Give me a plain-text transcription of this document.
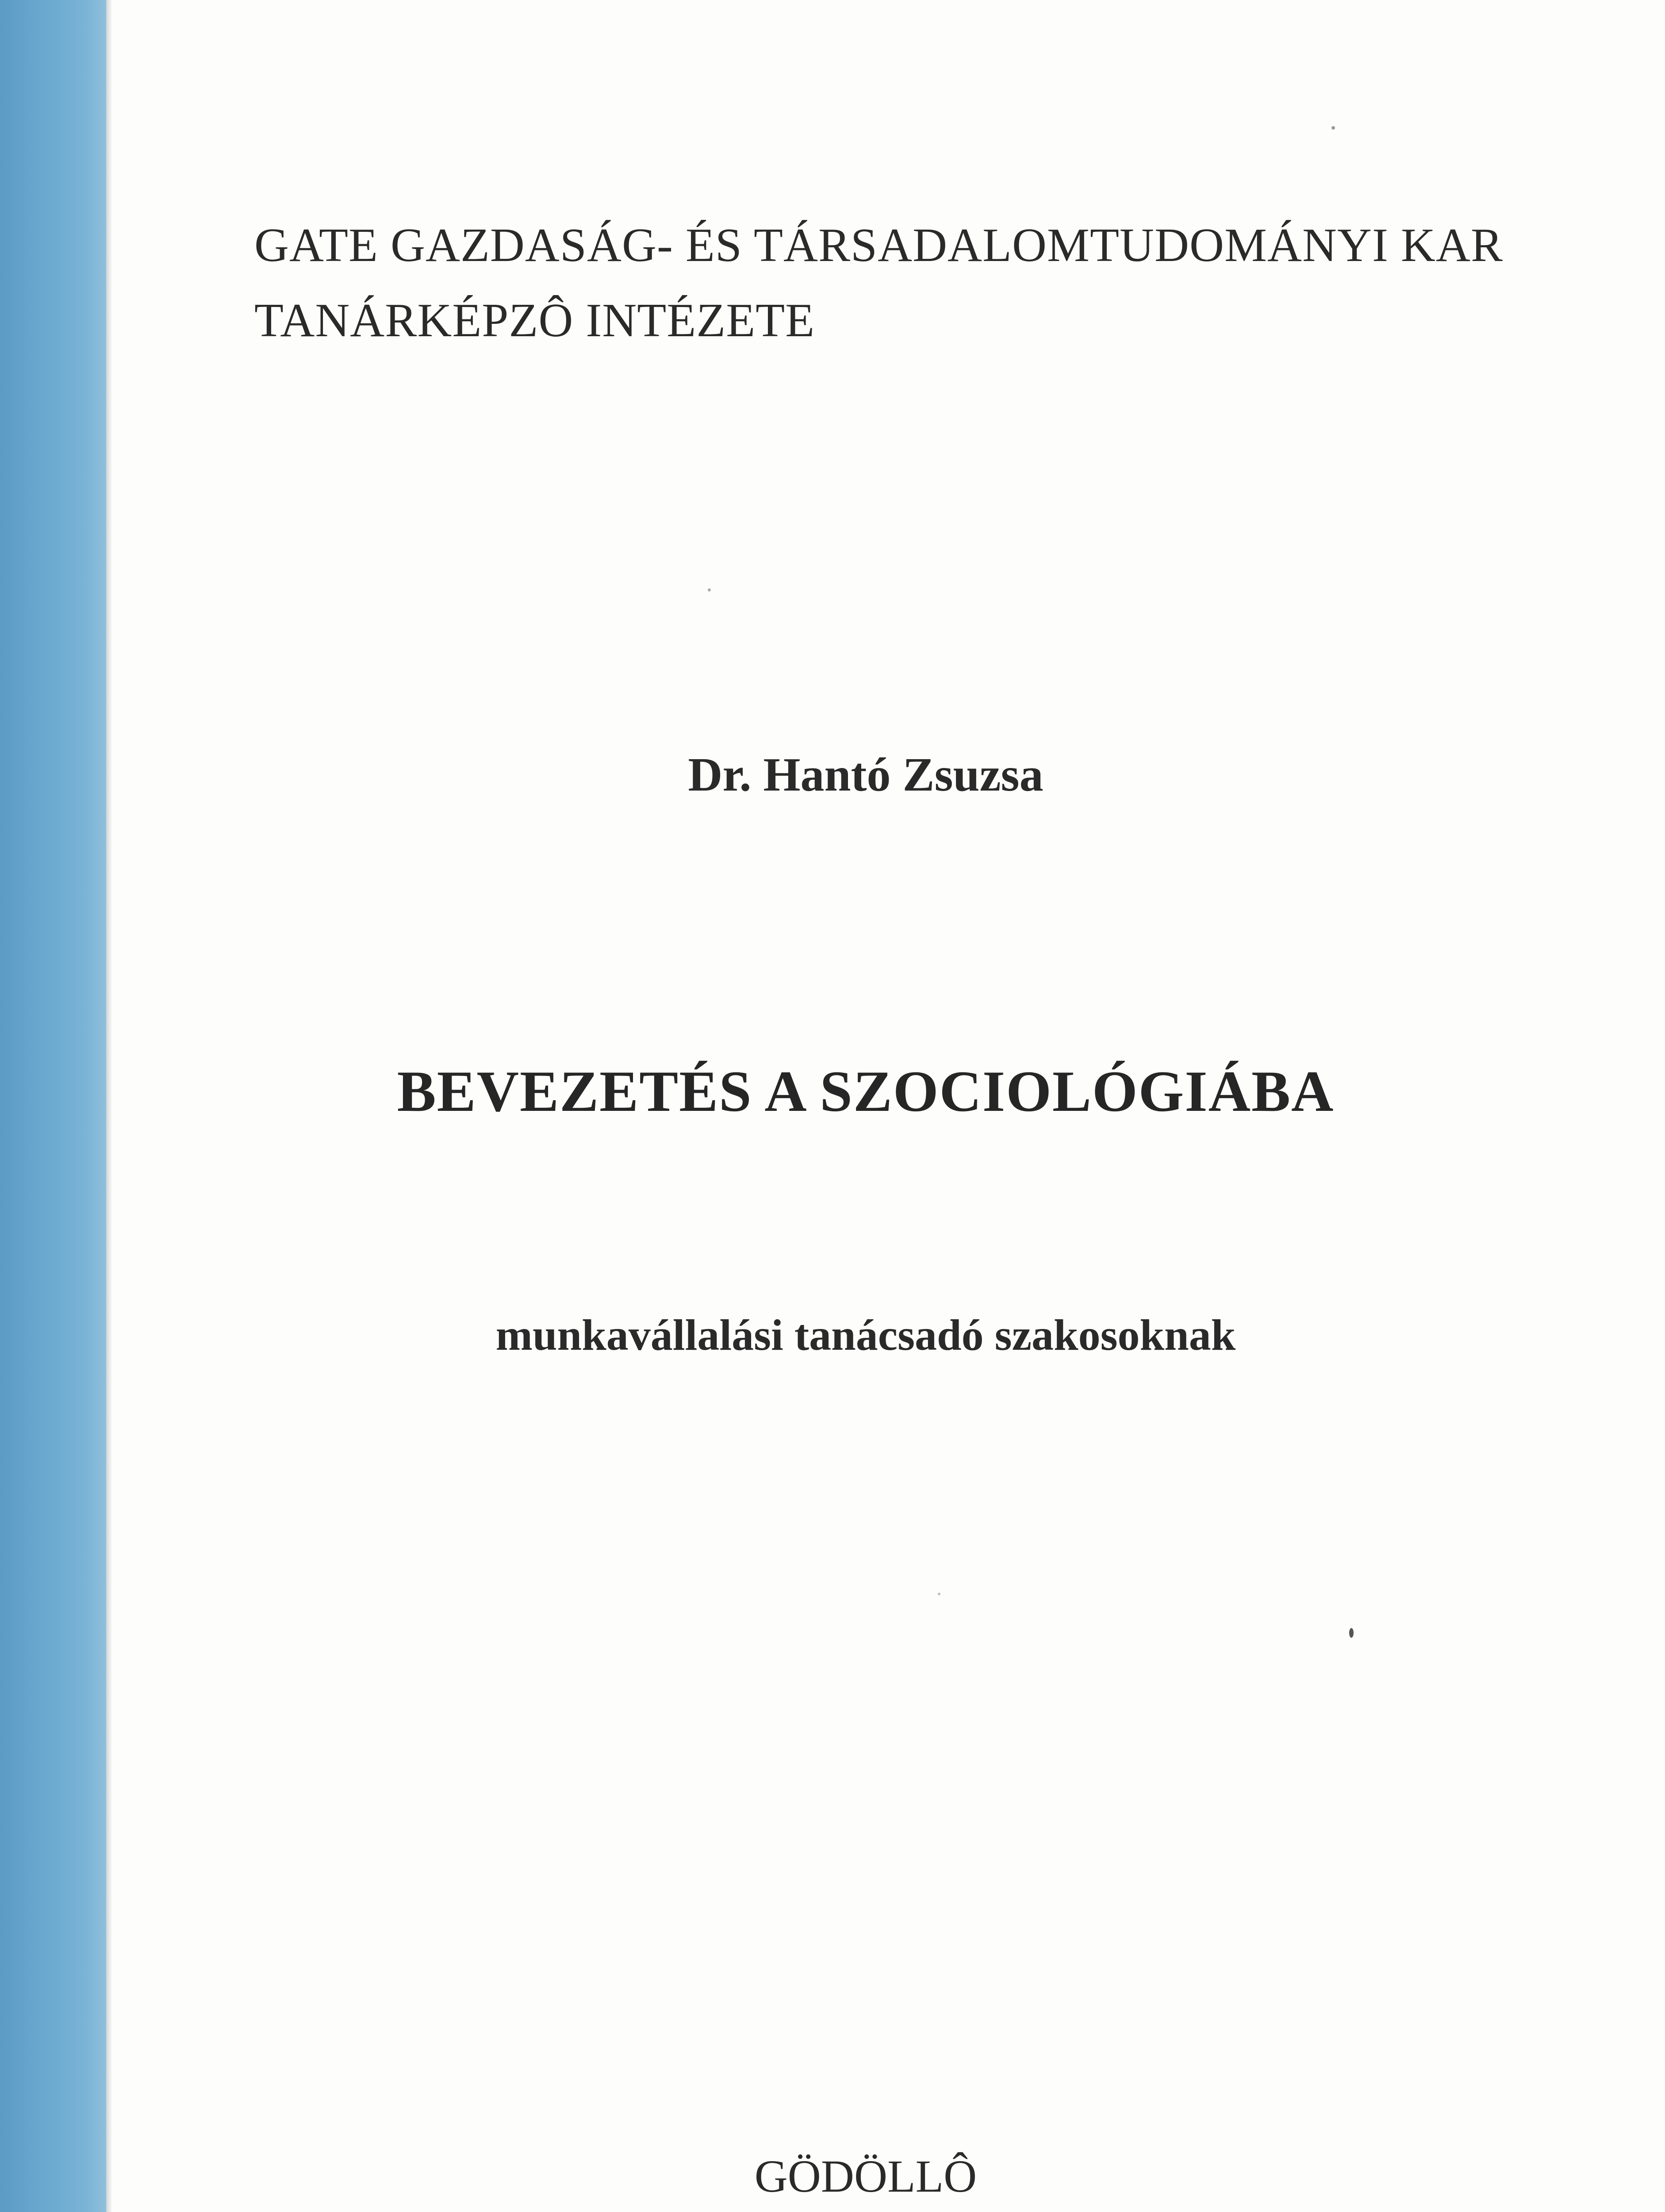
GATE GAZDASÁG- ÉS TÁRSADALOMTUDOMÁNYI KAR
TANÁRKÉPZÔ INTÉZETE
Dr. Hantó Zsuzsa
BEVEZETÉS A SZOCIOLÓGIÁBA
munkavállalási tanácsadó szakosoknak
GÖDÖLLÔ
